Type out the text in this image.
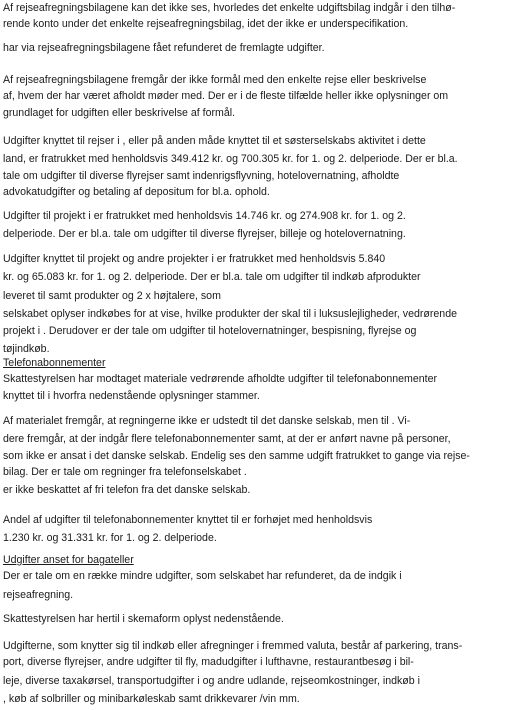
Af rejseafregningsbilagene kan det ikke ses, hvorledes det enkelte udgiftsbilag indgår i den tilhø-
rende konto under det enkelte rejseafregningsbilag, idet der ikke er underspecifikation.
har via rejseafregningsbilagene fået refunderet de fremlagte udgifter.
Af rejseafregningsbilagene fremgår der ikke formål med den enkelte rejse eller beskrivelse
af, hvem der har været afholdt møder med. Der er i de fleste tilfælde heller ikke oplysninger om
grundlaget for udgiften eller beskrivelse af formål.
Udgifter knyttet til rejser i , eller på anden måde knyttet til et søsterselskabs aktivitet i dette
land, er fratrukket med henholdsvis 349.412 kr. og 700.305 kr. for 1. og 2. delperiode. Der er bl.a.
tale om udgifter til diverse flyrejser samt indenrigsflyvning, hotelovernatning, afholdte
advokatudgifter og betaling af depositum for bl.a. ophold.
Udgifter til projekt i er fratrukket med henholdsvis 14.746 kr. og 274.908 kr. for 1. og 2.
delperiode. Der er bl.a. tale om udgifter til diverse flyrejser, billeje og hotelovernatning.
Udgifter knyttet til projekt og andre projekter i er fratrukket med henholdsvis 5.840
kr. og 65.083 kr. for 1. og 2. delperiode. Der er bl.a. tale om udgifter til indkøb afprodukter
leveret til samt produkter og 2 x højtalere, som
selskabet oplyser indkøbes for at vise, hvilke produkter der skal til i luksuslejligheder, vedrørende
projekt i . Derudover er der tale om udgifter til hotelovernatninger, bespisning, flyrejse og
tøjindkøb.
Telefonabonnementer
Skattestyrelsen har modtaget materiale vedrørende afholdte udgifter til telefonabonnementer
knyttet til i hvorfra nedenstående oplysninger stammer.
Af materialet fremgår, at regningerne ikke er udstedt til det danske selskab, men til . Vi-
dere fremgår, at der indgår flere telefonabonnementer samt, at der er anført navne på personer,
som ikke er ansat i det danske selskab. Endelig ses den samme udgift fratrukket to gange via rejse-
bilag. Der er tale om regninger fra telefonselskabet .
er ikke beskattet af fri telefon fra det danske selskab.
Andel af udgifter til telefonabonnementer knyttet til er forhøjet med henholdsvis
1.230 kr. og 31.331 kr. for 1. og 2. delperiode.
Udgifter anset for bagateller
Der er tale om en række mindre udgifter, som selskabet har refunderet, da de indgik i
rejseafregning.
Skattestyrelsen har hertil i skemaform oplyst nedenstående.
Udgifterne, som knytter sig til indkøb eller afregninger i fremmed valuta, består af parkering, trans-
port, diverse flyrejser, andre udgifter til fly, madudgifter i lufthavne, restaurantbesøg i bil-
leje, diverse taxakørsel, transportudgifter i og andre udlande, rejseomkostninger, indkøb i
, køb af solbriller og minibarkøleskab samt drikkevarer /vin mm.
